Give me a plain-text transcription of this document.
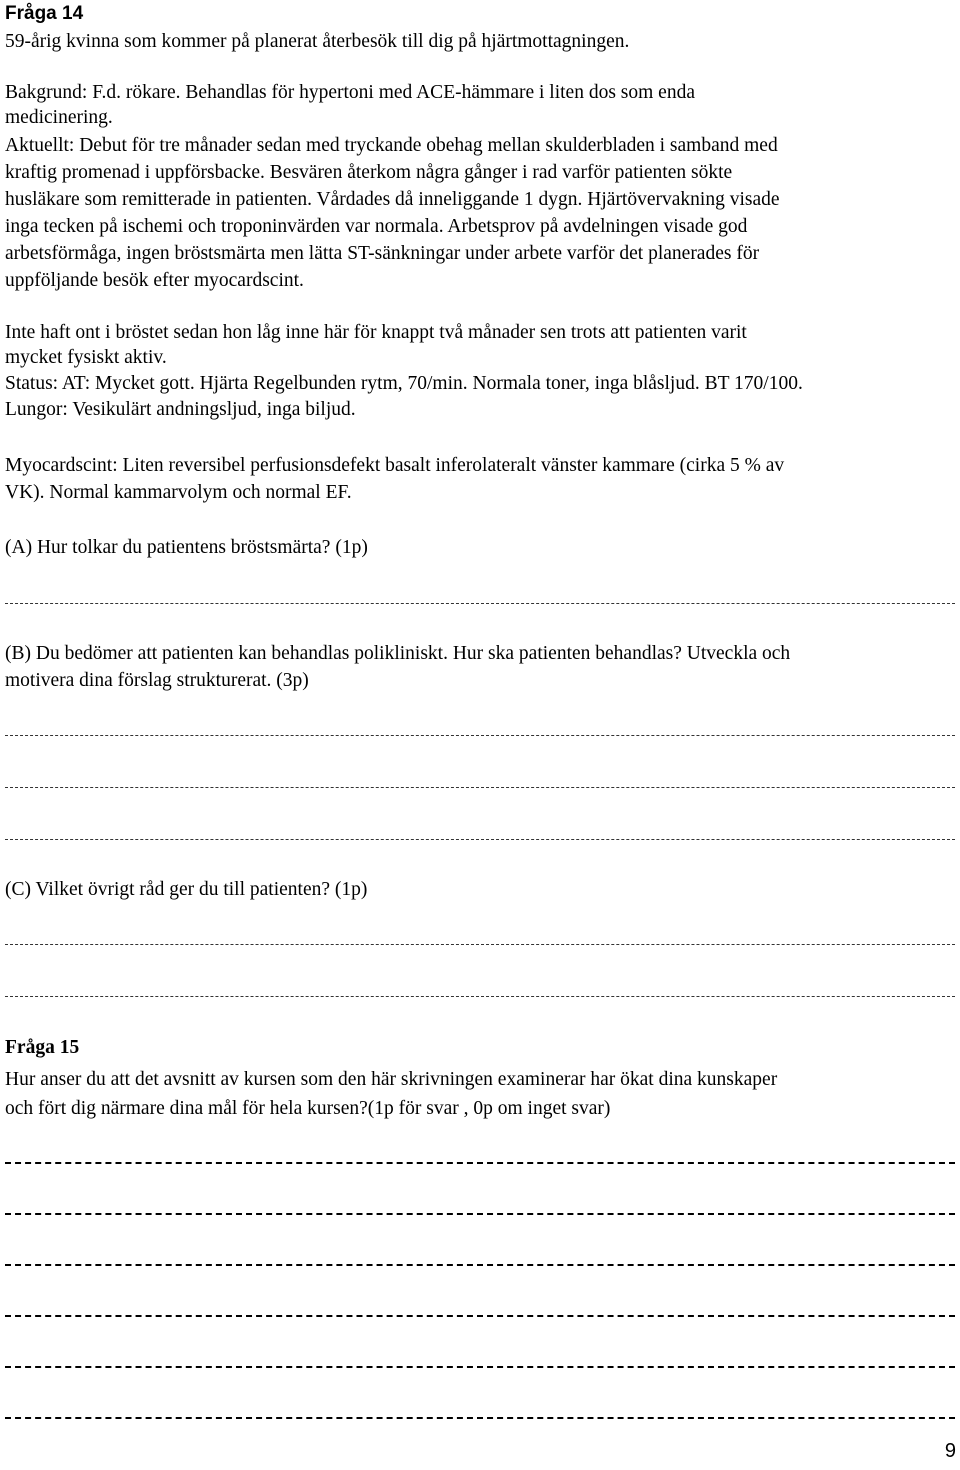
Fråga 14
59-årig kvinna som kommer på planerat återbesök till dig på hjärtmottagningen.
Bakgrund: F.d. rökare. Behandlas för hypertoni med ACE-hämmare i liten dos som enda
medicinering.
Aktuellt: Debut för tre månader sedan med tryckande obehag mellan skulderbladen i samband med
kraftig promenad i uppförsbacke. Besvären återkom några gånger i rad varför patienten sökte
husläkare som remitterade in patienten. Vårdades då inneliggande 1 dygn. Hjärtövervakning visade
inga tecken på ischemi och troponinvärden var normala. Arbetsprov på avdelningen visade god
arbetsförmåga, ingen bröstsmärta men lätta ST-sänkningar under arbete varför det planerades för
uppföljande besök efter myocardscint.
Inte haft ont i bröstet sedan hon låg inne här för knappt två månader sen trots att patienten varit
mycket fysiskt aktiv.
Status: AT: Mycket gott. Hjärta Regelbunden rytm, 70/min. Normala toner, inga blåsljud. BT 170/100.
Lungor: Vesikulärt andningsljud, inga biljud.
Myocardscint: Liten reversibel perfusionsdefekt basalt inferolateralt vänster kammare (cirka 5 % av
VK). Normal kammarvolym och normal EF.
(A) Hur tolkar du patientens bröstsmärta? (1p)
(B) Du bedömer att patienten kan behandlas polikliniskt. Hur ska patienten behandlas? Utveckla och
motivera dina förslag strukturerat. (3p)
(C) Vilket övrigt råd ger du till patienten? (1p)
Fråga 15
Hur anser du att det avsnitt av kursen som den här skrivningen examinerar har ökat dina kunskaper
och fört dig närmare dina mål för hela kursen?(1p för svar , 0p om inget svar)
9
